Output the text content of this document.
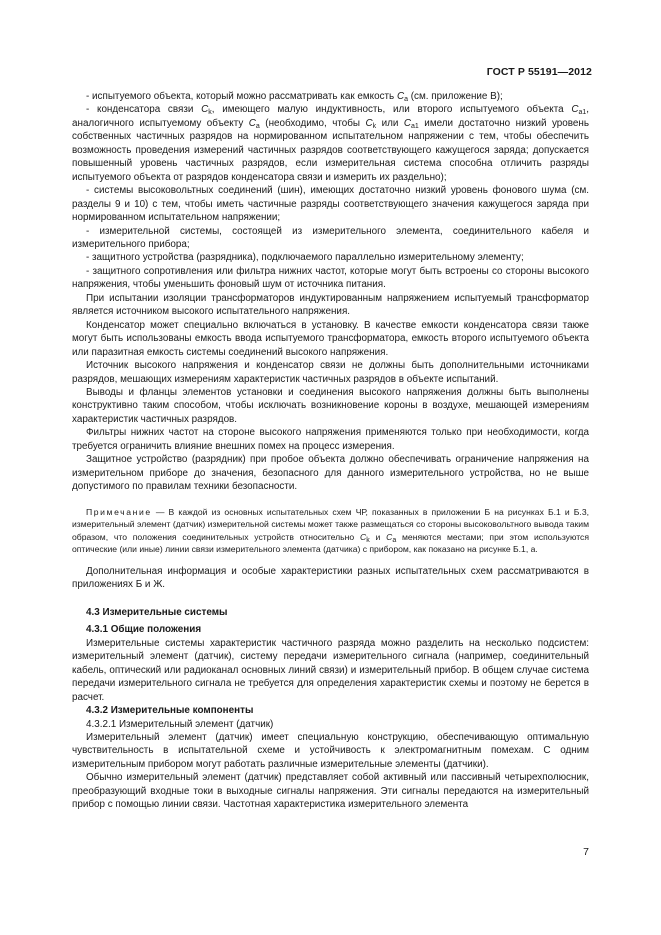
ГОСТ Р 55191—2012

- испытуемого объекта, который можно рассматривать как емкость $C_a$ (см. приложение В);

- конденсатора связи $C_k$, имеющего малую индуктивность, или второго испытуемого объекта $C_{a1}$, аналогичного испытуемому объекту $C_a$ (необходимо, чтобы $C_k$ или $C_{a1}$ имели достаточно низкий уровень собственных частичных разрядов на нормированном испытательном напряжении с тем, чтобы обеспечить возможность проведения измерений частичных разрядов соответствующего кажущегося заряда; допускается повышенный уровень частичных разрядов, если измерительная система способна отличить разряды испытуемого объекта от разрядов конденсатора связи и измерить их раздельно);

- системы высоковольтных соединений (шин), имеющих достаточно низкий уровень фонового шума (см. разделы 9 и 10) с тем, чтобы иметь частичные разряды соответствующего значения кажущегося заряда при нормированном испытательном напряжении;

- измерительной системы, состоящей из измерительного элемента, соединительного кабеля и измерительного прибора;

- защитного устройства (разрядника), подключаемого параллельно измерительному элементу;

- защитного сопротивления или фильтра нижних частот, которые могут быть встроены со стороны высокого напряжения, чтобы уменьшить фоновый шум от источника питания.

При испытании изоляции трансформаторов индуктированным напряжением испытуемый трансформатор является источником высокого испытательного напряжения.

Конденсатор может специально включаться в установку. В качестве емкости конденсатора связи также могут быть использованы емкость ввода испытуемого трансформатора, емкость второго испытуемого объекта или паразитная емкость системы соединений высокого напряжения.

Источник высокого напряжения и конденсатор связи не должны быть дополнительными источниками разрядов, мешающих измерениям характеристик частичных разрядов в объекте испытаний.

Выводы и фланцы элементов установки и соединения высокого напряжения должны быть выполнены конструктивно таким способом, чтобы исключать возникновение короны в воздухе, мешающей измерениям характеристик частичных разрядов.

Фильтры нижних частот на стороне высокого напряжения применяются только при необходимости, когда требуется ограничить влияние внешних помех на процесс измерения.

Защитное устройство (разрядник) при пробое объекта должно обеспечивать ограничение напряжения на измерительном приборе до значения, безопасного для данного измерительного устройства, но не выше допустимого по правилам техники безопасности.

Примечание — В каждой из основных испытательных схем ЧР, показанных в приложении Б на рисунках Б.1 и Б.3, измерительный элемент (датчик) измерительной системы может также размещаться со стороны высоковольтного вывода таким образом, что положения соединительных устройств относительно $C_k$ и $C_a$ меняются местами; при этом используются оптические (или иные) линии связи измерительного элемента (датчика) с прибором, как показано на рисунке Б.1, а.

Дополнительная информация и особые характеристики разных испытательных схем рассматриваются в приложениях Б и Ж.

4.3 Измерительные системы

4.3.1 Общие положения

Измерительные системы характеристик частичного разряда можно разделить на несколько подсистем: измерительный элемент (датчик), систему передачи измерительного сигнала (например, соединительный кабель, оптический или радиоканал основных линий связи) и измерительный прибор. В общем случае система передачи измерительного сигнала не требуется для определения характеристик схемы и поэтому не берется в расчет.

4.3.2 Измерительные компоненты

4.3.2.1 Измерительный элемент (датчик)

Измерительный элемент (датчик) имеет специальную конструкцию, обеспечивающую оптимальную чувствительность в испытательной схеме и устойчивость к электромагнитным помехам. С одним измерительным прибором могут работать различные измерительные элементы (датчики).

Обычно измерительный элемент (датчик) представляет собой активный или пассивный четырехполюсник, преобразующий входные токи в выходные сигналы напряжения. Эти сигналы передаются на измерительный прибор с помощью линии связи. Частотная характеристика измерительного элемента

7
